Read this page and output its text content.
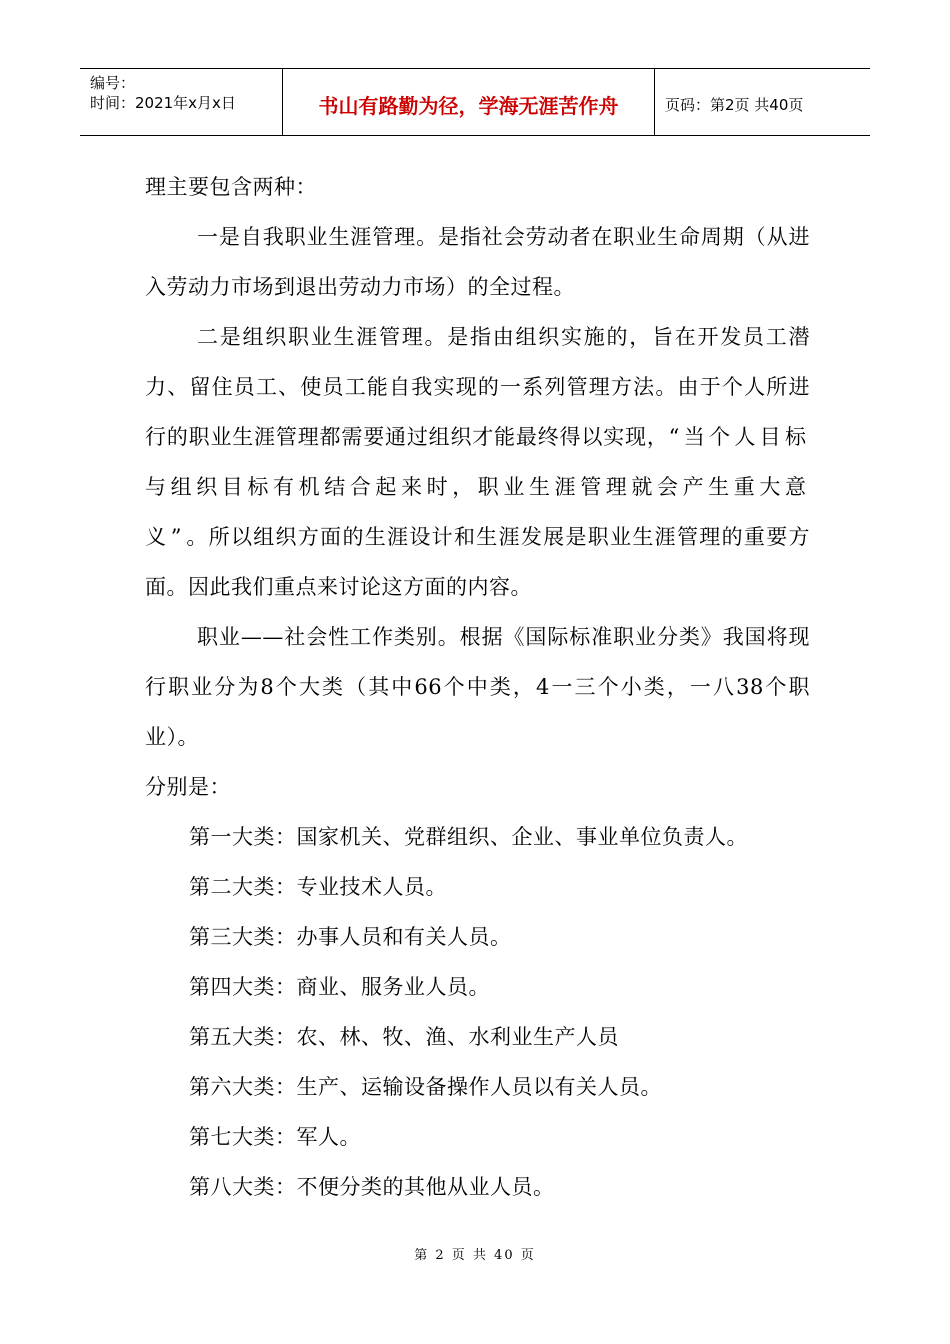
编号：
时间：2021年x月x日	书山有路勤为径，学海无涯苦作舟	页码：第2页 共40页

理主要包含两种：

一是自我职业生涯管理。是指社会劳动者在职业生命周期（从进入劳动力市场到退出劳动力市场）的全过程。

二是组织职业生涯管理。是指由组织实施的，旨在开发员工潜力、留住员工、使员工能自我实现的一系列管理方法。由于个人所进行的职业生涯管理都需要通过组织才能最终得以实现，“当个人目标与组织目标有机结合起来时，职业生涯管理就会产生重大意义”。所以组织方面的生涯设计和生涯发展是职业生涯管理的重要方面。因此我们重点来讨论这方面的内容。

职业——社会性工作类别。根据《国际标准职业分类》我国将现行职业分为8个大类（其中66个中类，4一三个小类，一八38个职业）。

分别是：

第一大类：国家机关、党群组织、企业、事业单位负责人。

第二大类：专业技术人员。

第三大类：办事人员和有关人员。

第四大类：商业、服务业人员。

第五大类：农、林、牧、渔、水利业生产人员

第六大类：生产、运输设备操作人员以有关人员。

第七大类：军人。

第八大类：不便分类的其他从业人员。

第 2 页 共 40 页
